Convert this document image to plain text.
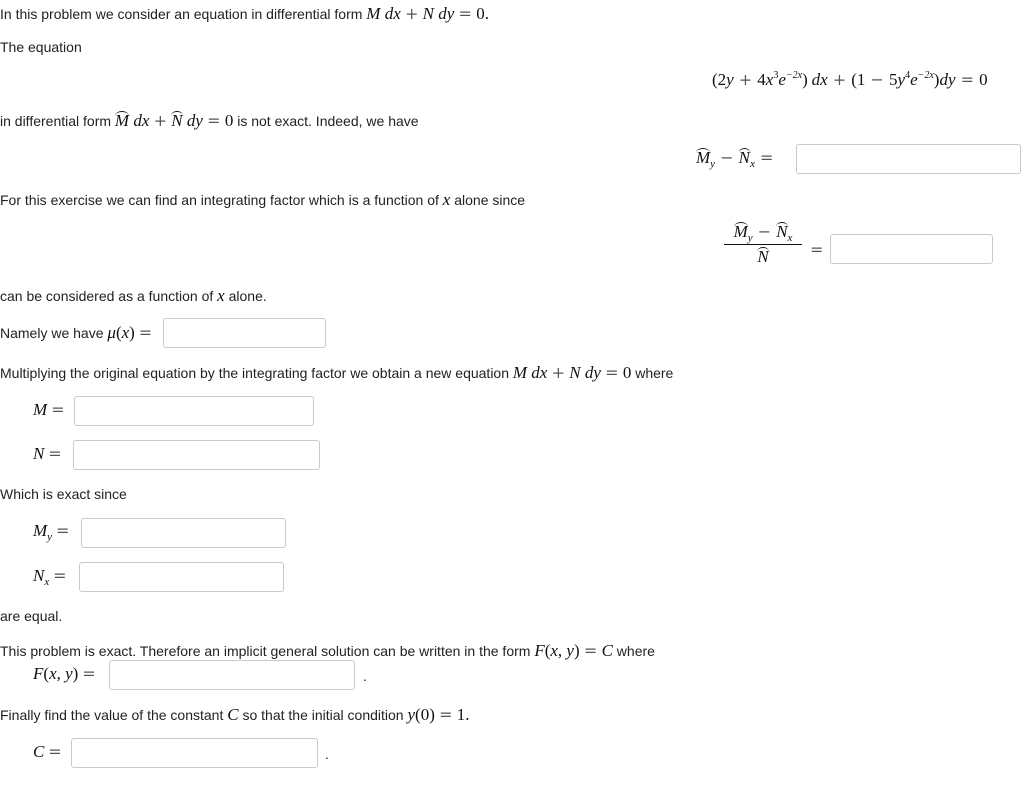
In this problem we consider an equation in differential form M dx + N dy = 0.
The equation
$(2y + 4x^3e^{-2x})$ dx + $(1 - 5y^4e^{-2x})dy = 0$
in differential form M dx + N dy = 0 is not exact. Indeed, we have
$M_y - N_x$ =
For this exercise we can find an integrating factor which is a function of x alone since
$M_y - N_x$
N	=
can be considered as a function of x alone.
Namely we have μ(x) =
Multiplying the original equation by the integrating factor we obtain a new equation M dx + N dy = 0 where
M =
N =
Which is exact since
$M_y$ =
$N_x$ =
are equal.
This problem is exact. Therefore an implicit general solution can be written in the form F(x, y) = C where
F(x, y) =	.
Finally find the value of the constant C so that the initial condition y(0) = 1.
C =	.
